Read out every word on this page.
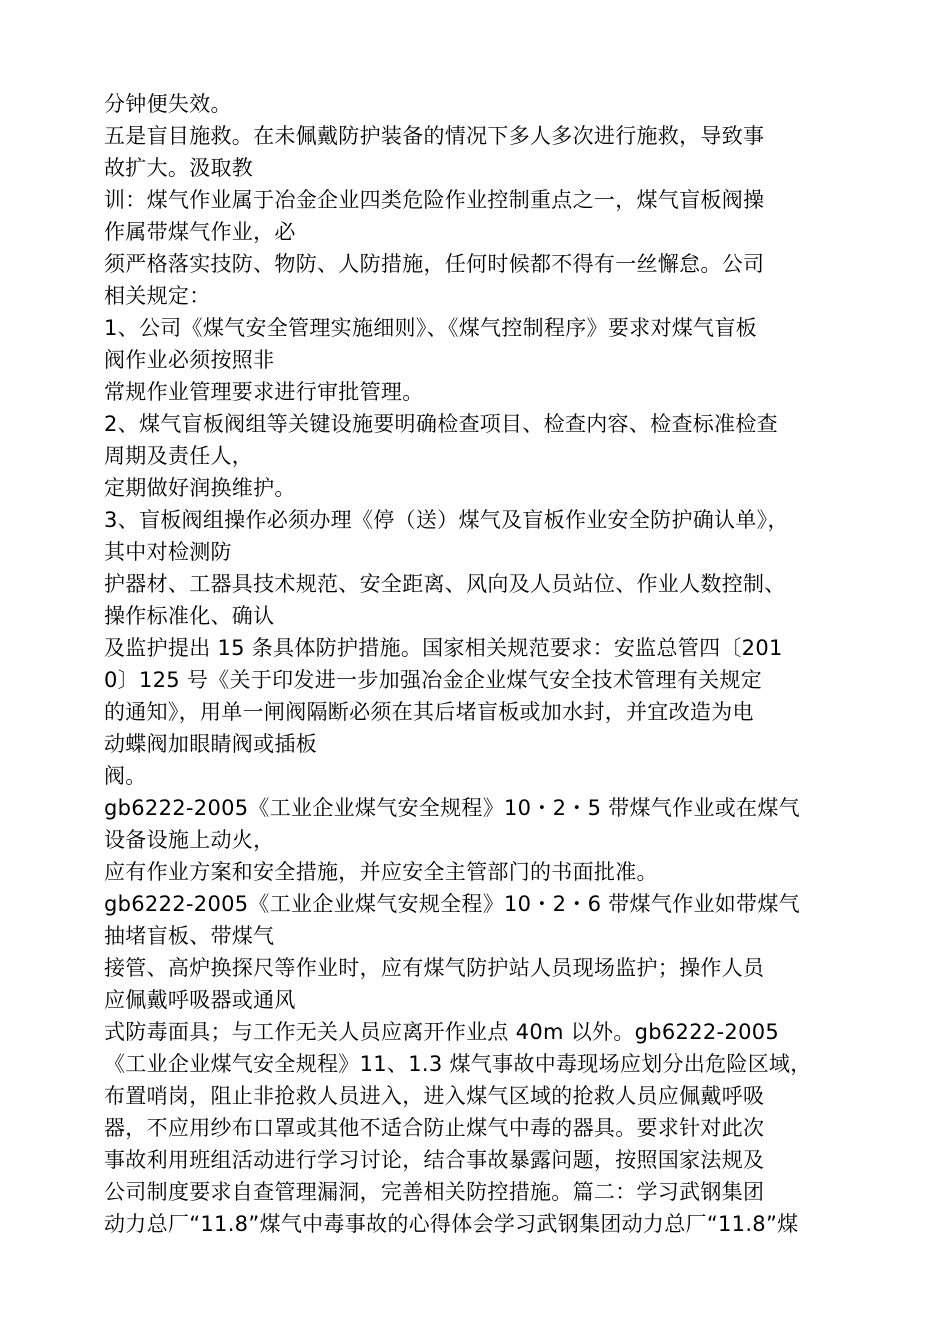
分钟便失效。
五是盲目施救。在未佩戴防护装备的情况下多人多次进行施救，导致事
故扩大。汲取教
训：煤气作业属于冶金企业四类危险作业控制重点之一，煤气盲板阀操
作属带煤气作业，必
须严格落实技防、物防、人防措施，任何时候都不得有一丝懈怠。公司
相关规定：
1、公司《煤气安全管理实施细则》、《煤气控制程序》要求对煤气盲板
阀作业必须按照非
常规作业管理要求进行审批管理。
2、煤气盲板阀组等关键设施要明确检查项目、检查内容、检查标准检查
周期及责任人，
定期做好润换维护。
3、盲板阀组操作必须办理《停（送）煤气及盲板作业安全防护确认单》，
其中对检测防
护器材、工器具技术规范、安全距离、风向及人员站位、作业人数控制、
操作标准化、确认
及监护提出 15 条具体防护措施。国家相关规范要求：安监总管四〔201
0〕125 号《关于印发进一步加强冶金企业煤气安全技术管理有关规定
的通知》，用单一闸阀隔断必须在其后堵盲板或加水封，并宜改造为电
动蝶阀加眼睛阀或插板
阀。
gb6222-2005《工业企业煤气安全规程》10・2・5 带煤气作业或在煤气
设备设施上动火，
应有作业方案和安全措施，并应安全主管部门的书面批准。
gb6222-2005《工业企业煤气安规全程》10・2・6 带煤气作业如带煤气
抽堵盲板、带煤气
接管、高炉换探尺等作业时，应有煤气防护站人员现场监护；操作人员
应佩戴呼吸器或通风
式防毒面具；与工作无关人员应离开作业点 40m 以外。gb6222-2005
《工业企业煤气安全规程》11、1.3 煤气事故中毒现场应划分出危险区域，
布置哨岗，阻止非抢救人员进入，进入煤气区域的抢救人员应佩戴呼吸
器，不应用纱布口罩或其他不适合防止煤气中毒的器具。要求针对此次
事故利用班组活动进行学习讨论，结合事故暴露问题，按照国家法规及
公司制度要求自查管理漏洞，完善相关防控措施。篇二：学习武钢集团
动力总厂“11.8”煤气中毒事故的心得体会学习武钢集团动力总厂“11.8”煤
